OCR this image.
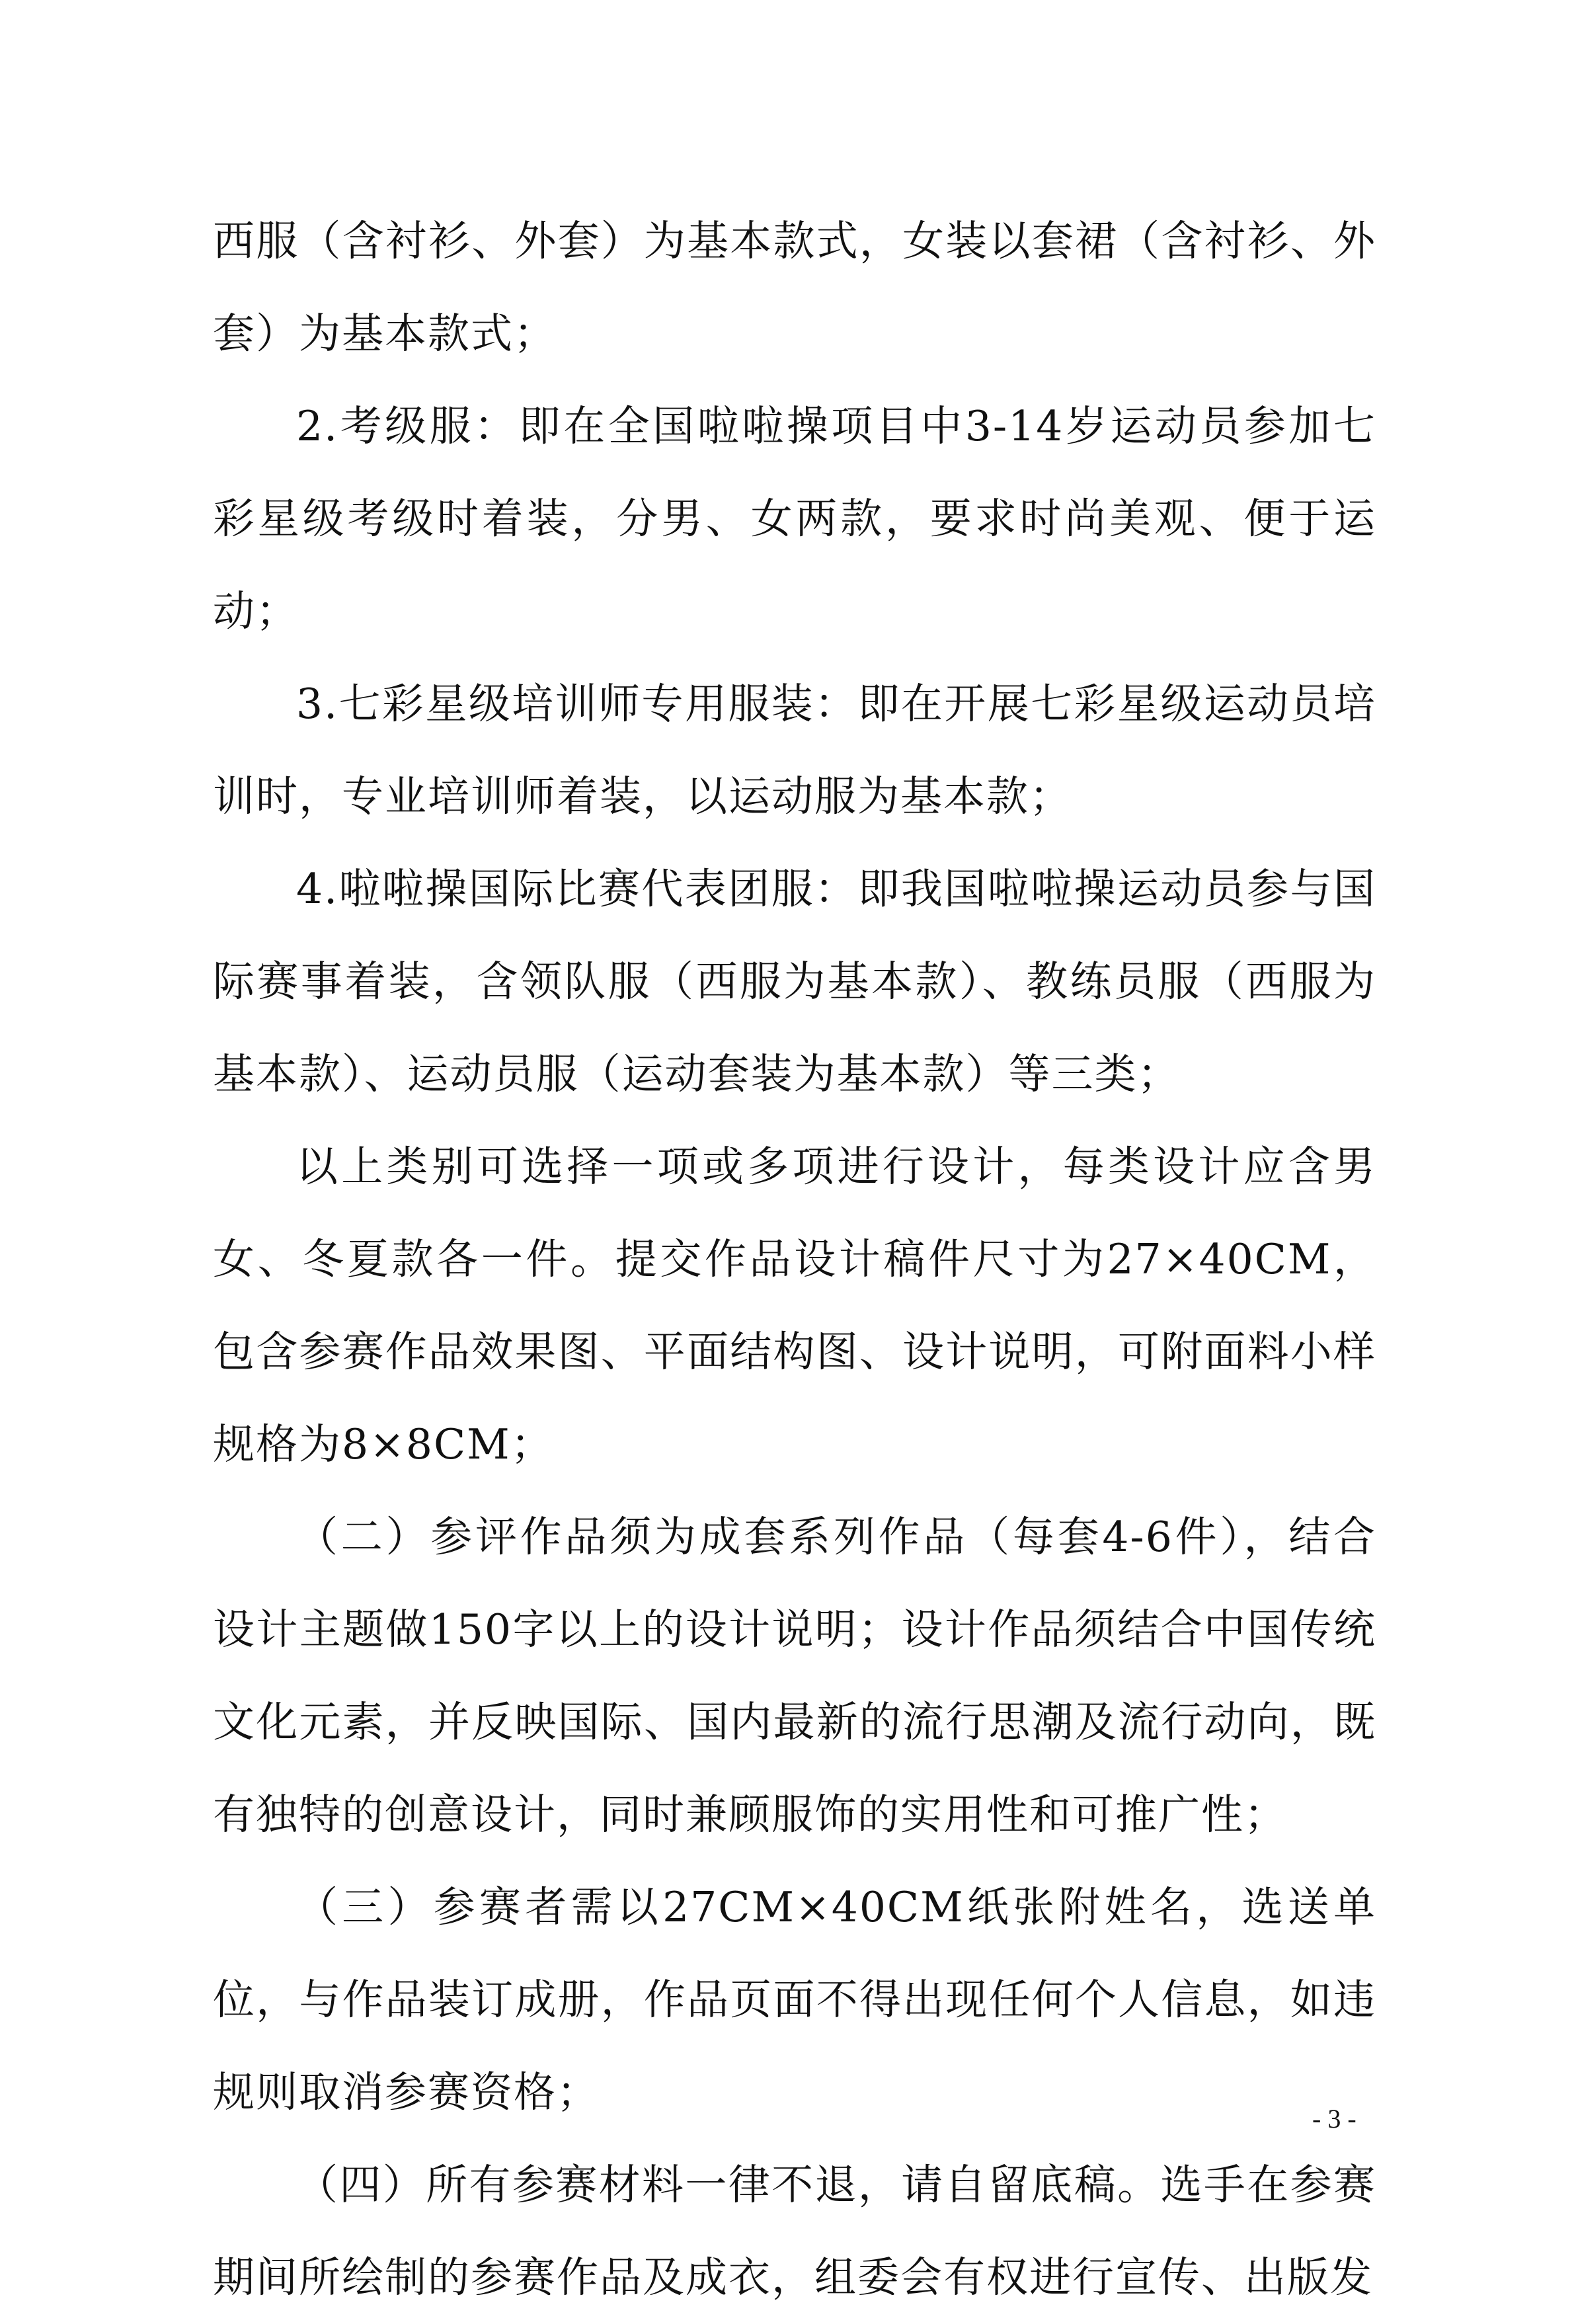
西服（含衬衫、外套）为基本款式，女装以套裙（含衬衫、外套）为基本款式；

2.考级服：即在全国啦啦操项目中3-14岁运动员参加七彩星级考级时着装，分男、女两款，要求时尚美观、便于运动；

3.七彩星级培训师专用服装：即在开展七彩星级运动员培训时，专业培训师着装，以运动服为基本款；

4.啦啦操国际比赛代表团服：即我国啦啦操运动员参与国际赛事着装，含领队服（西服为基本款）、教练员服（西服为基本款）、运动员服（运动套装为基本款）等三类；

以上类别可选择一项或多项进行设计，每类设计应含男女、冬夏款各一件。提交作品设计稿件尺寸为27×40CM，包含参赛作品效果图、平面结构图、设计说明，可附面料小样规格为8×8CM；

（二）参评作品须为成套系列作品（每套4-6件），结合设计主题做150字以上的设计说明；设计作品须结合中国传统文化元素，并反映国际、国内最新的流行思潮及流行动向，既有独特的创意设计，同时兼顾服饰的实用性和可推广性；

（三）参赛者需以27CM×40CM纸张附姓名，选送单位，与作品装订成册，作品页面不得出现任何个人信息，如违规则取消参赛资格；

（四）所有参赛材料一律不退，请自留底稿。选手在参赛期间所绘制的参赛作品及成衣，组委会有权进行宣传、出版发

- 3 -
